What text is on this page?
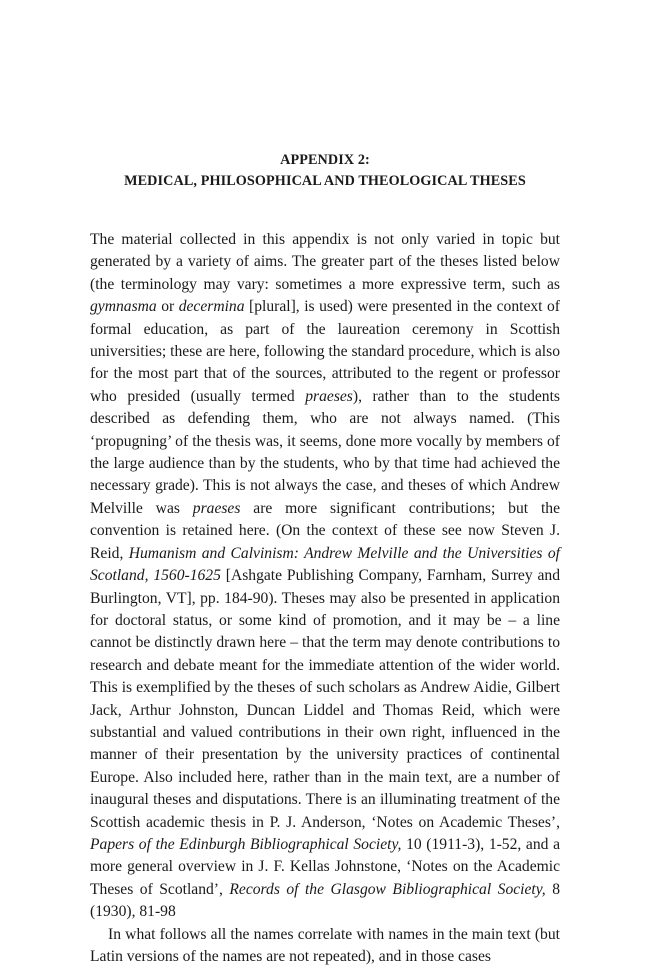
APPENDIX 2:
MEDICAL, PHILOSOPHICAL AND THEOLOGICAL THESES

The material collected in this appendix is not only varied in topic but generated by a variety of aims. The greater part of the theses listed below (the terminology may vary: sometimes a more expressive term, such as gymnasma or decermina [plural], is used) were presented in the context of formal education, as part of the laureation ceremony in Scottish universities; these are here, following the standard procedure, which is also for the most part that of the sources, attributed to the regent or professor who presided (usually termed praeses), rather than to the students described as defending them, who are not always named. (This ‘propugning’ of the thesis was, it seems, done more vocally by members of the large audience than by the students, who by that time had achieved the necessary grade). This is not always the case, and theses of which Andrew Melville was praeses are more significant contributions; but the convention is retained here. (On the context of these see now Steven J. Reid, Humanism and Calvinism: Andrew Melville and the Universities of Scotland, 1560-1625 [Ashgate Publishing Company, Farnham, Surrey and Burlington, VT], pp. 184-90). Theses may also be presented in application for doctoral status, or some kind of promotion, and it may be – a line cannot be distinctly drawn here – that the term may denote contributions to research and debate meant for the immediate attention of the wider world. This is exemplified by the theses of such scholars as Andrew Aidie, Gilbert Jack, Arthur Johnston, Duncan Liddel and Thomas Reid, which were substantial and valued contributions in their own right, influenced in the manner of their presentation by the university practices of continental Europe. Also included here, rather than in the main text, are a number of inaugural theses and disputations. There is an illuminating treatment of the Scottish academic thesis in P. J. Anderson, ‘Notes on Academic Theses’, Papers of the Edinburgh Bibliographical Society, 10 (1911-3), 1-52, and a more general overview in J. F. Kellas Johnstone, ‘Notes on the Academic Theses of Scotland’, Records of the Glasgow Bibliographical Society, 8 (1930), 81-98

In what follows all the names correlate with names in the main text (but Latin versions of the names are not repeated), and in those cases
